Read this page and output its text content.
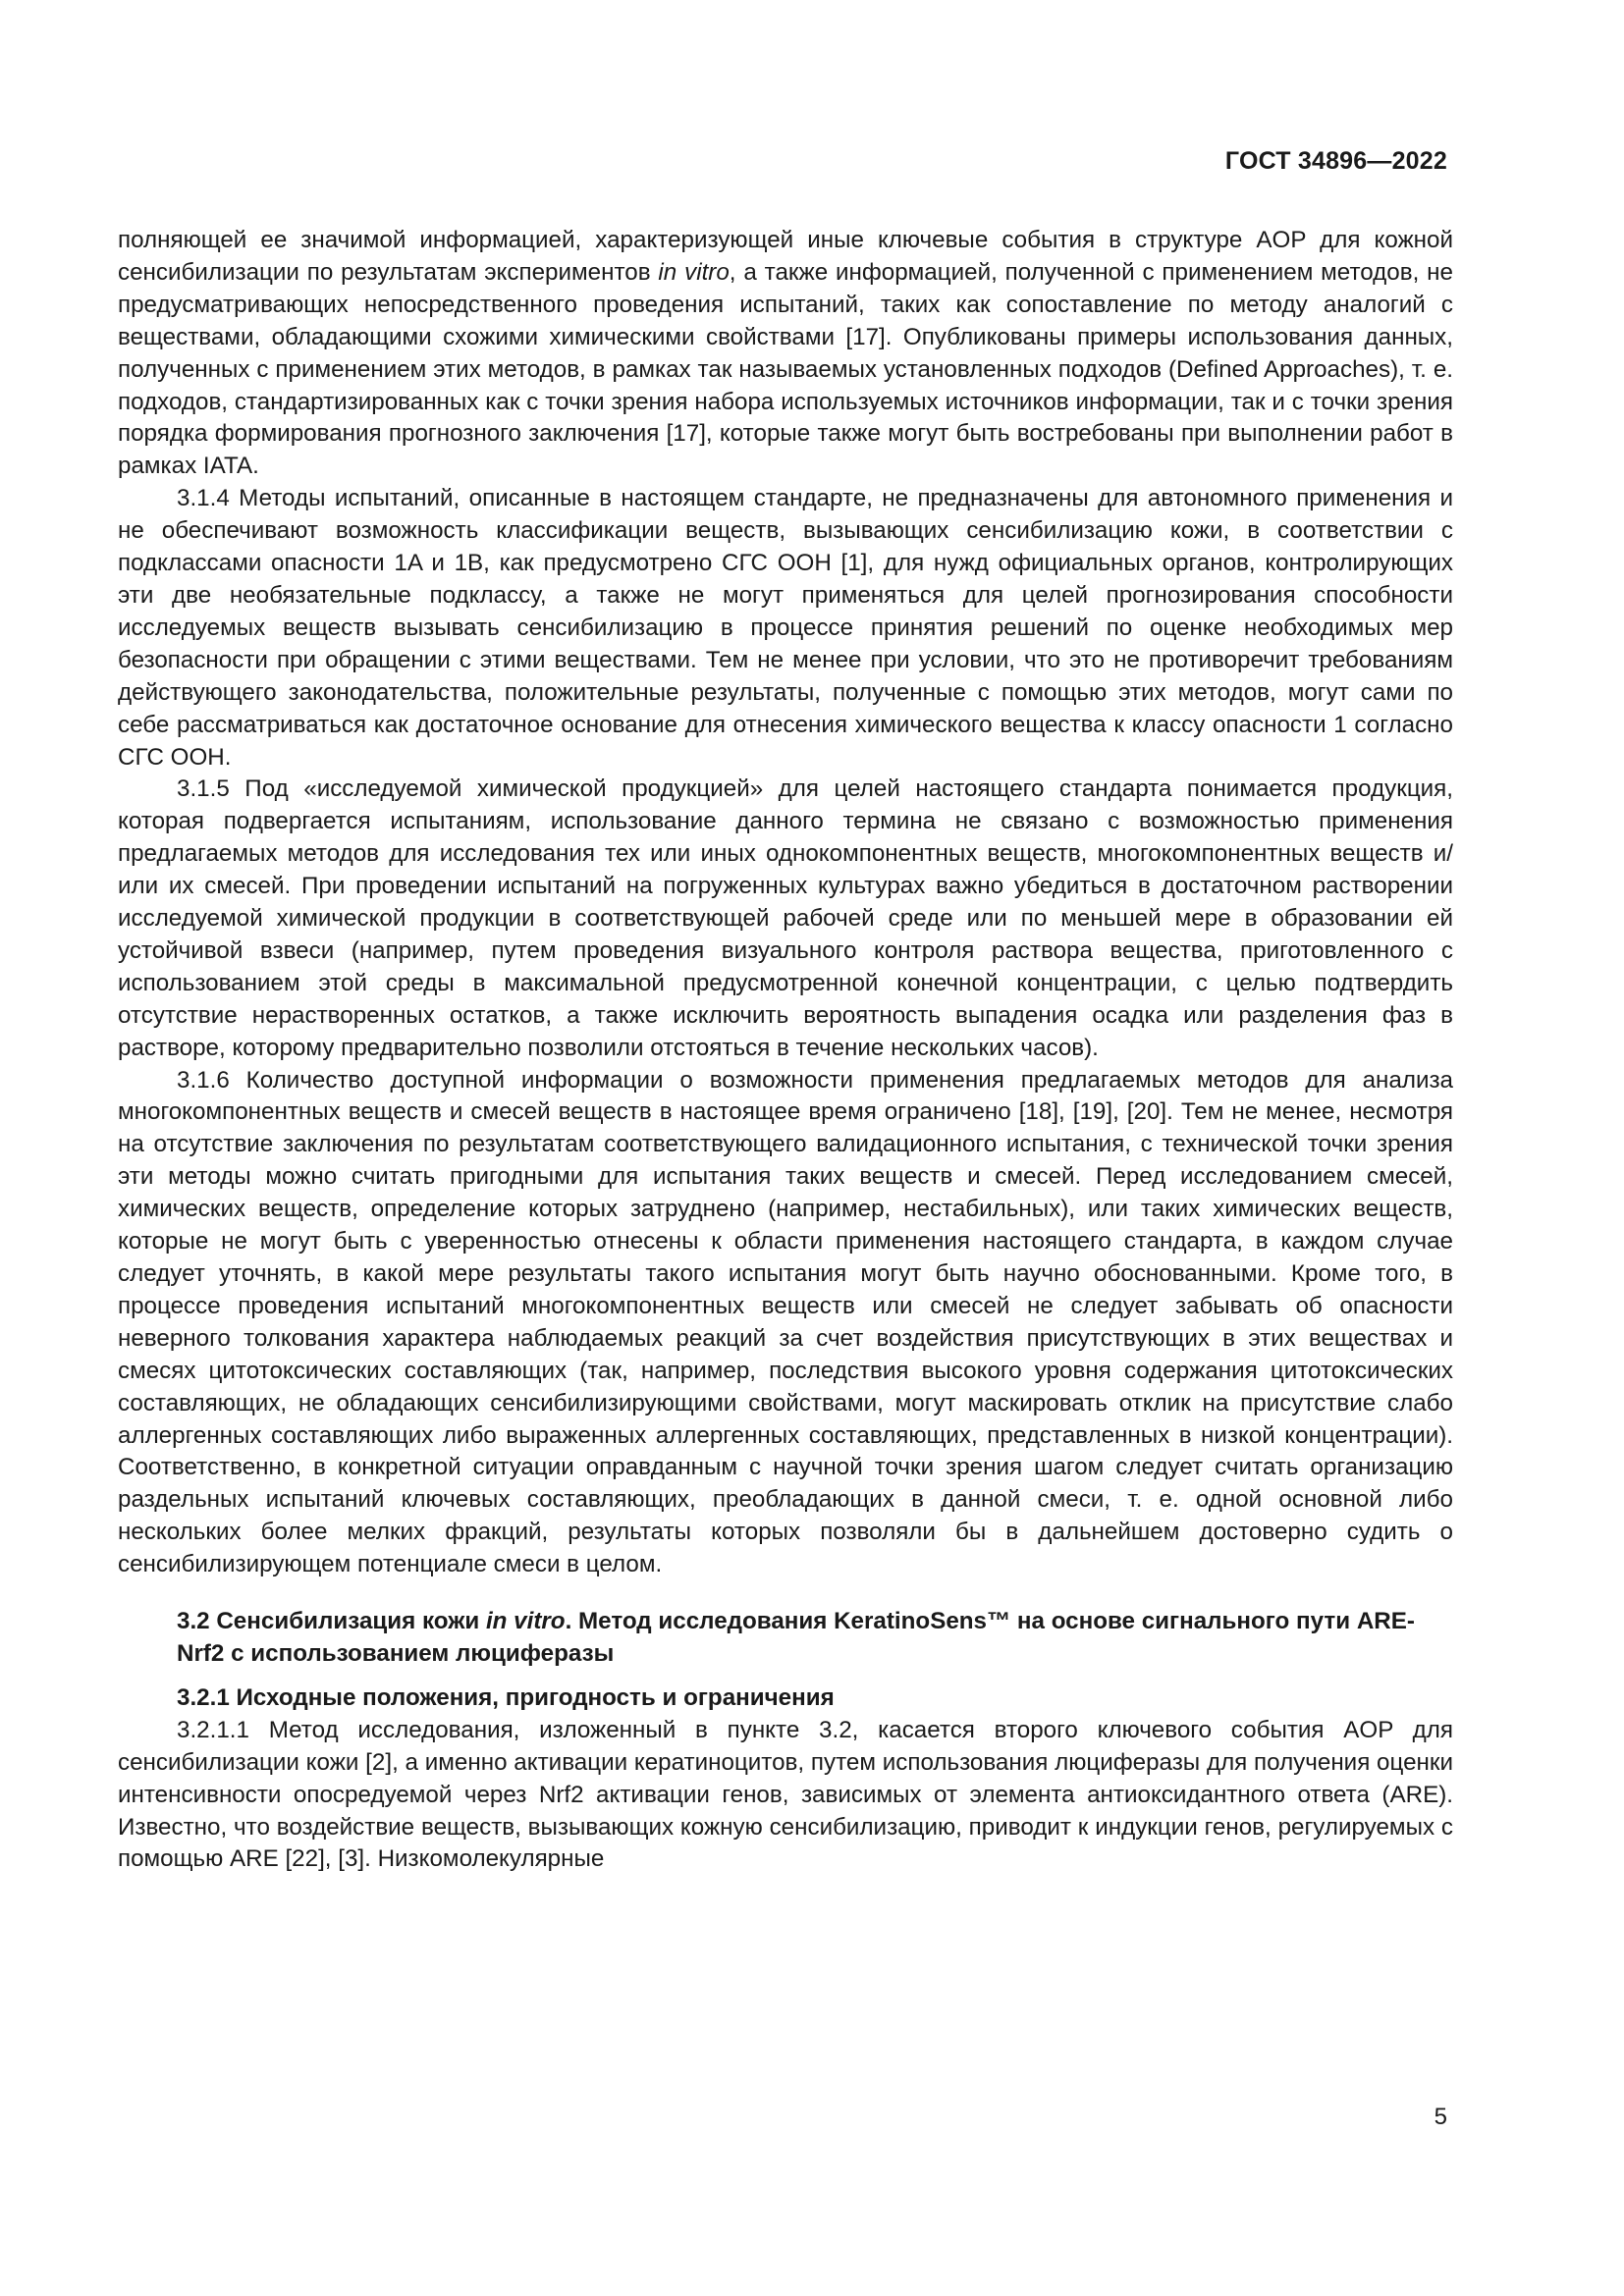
ГОСТ 34896—2022

полняющей ее значимой информацией, характеризующей иные ключевые события в структуре AOP для кожной сенсибилизации по результатам экспериментов in vitro, а также информацией, полученной с применением методов, не предусматривающих непосредственного проведения испытаний, таких как сопоставление по методу аналогий с веществами, обладающими схожими химическими свойствами [17]. Опубликованы примеры использования данных, полученных с применением этих методов, в рамках так называемых установленных подходов (Defined Approaches), т. е. подходов, стандартизированных как с точки зрения набора используемых источников информации, так и с точки зрения порядка формирования прогнозного заключения [17], которые также могут быть востребованы при выполнении работ в рамках IATA.

3.1.4 Методы испытаний, описанные в настоящем стандарте, не предназначены для автономного применения и не обеспечивают возможность классификации веществ, вызывающих сенсибилизацию кожи, в соответствии с подклассами опасности 1A и 1B, как предусмотрено СГС ООН [1], для нужд официальных органов, контролирующих эти две необязательные подклассу, а также не могут применяться для целей прогнозирования способности исследуемых веществ вызывать сенсибилизацию в процессе принятия решений по оценке необходимых мер безопасности при обращении с этими веществами. Тем не менее при условии, что это не противоречит требованиям действующего законодательства, положительные результаты, полученные с помощью этих методов, могут сами по себе рассматриваться как достаточное основание для отнесения химического вещества к классу опасности 1 согласно СГС ООН.

3.1.5 Под «исследуемой химической продукцией» для целей настоящего стандарта понимается продукция, которая подвергается испытаниям, использование данного термина не связано с возможностью применения предлагаемых методов для исследования тех или иных однокомпонентных веществ, многокомпонентных веществ и/или их смесей. При проведении испытаний на погруженных культурах важно убедиться в достаточном растворении исследуемой химической продукции в соответствующей рабочей среде или по меньшей мере в образовании ей устойчивой взвеси (например, путем проведения визуального контроля раствора вещества, приготовленного с использованием этой среды в максимальной предусмотренной конечной концентрации, с целью подтвердить отсутствие нерастворенных остатков, а также исключить вероятность выпадения осадка или разделения фаз в растворе, которому предварительно позволили отстояться в течение нескольких часов).

3.1.6 Количество доступной информации о возможности применения предлагаемых методов для анализа многокомпонентных веществ и смесей веществ в настоящее время ограничено [18], [19], [20]. Тем не менее, несмотря на отсутствие заключения по результатам соответствующего валидационного испытания, с технической точки зрения эти методы можно считать пригодными для испытания таких веществ и смесей. Перед исследованием смесей, химических веществ, определение которых затруднено (например, нестабильных), или таких химических веществ, которые не могут быть с уверенностью отнесены к области применения настоящего стандарта, в каждом случае следует уточнять, в какой мере результаты такого испытания могут быть научно обоснованными. Кроме того, в процессе проведения испытаний многокомпонентных веществ или смесей не следует забывать об опасности неверного толкования характера наблюдаемых реакций за счет воздействия присутствующих в этих веществах и смесях цитотоксических составляющих (так, например, последствия высокого уровня содержания цитотоксических составляющих, не обладающих сенсибилизирующими свойствами, могут маскировать отклик на присутствие слабо аллергенных составляющих либо выраженных аллергенных составляющих, представленных в низкой концентрации). Соответственно, в конкретной ситуации оправданным с научной точки зрения шагом следует считать организацию раздельных испытаний ключевых составляющих, преобладающих в данной смеси, т. е. одной основной либо нескольких более мелких фракций, результаты которых позволяли бы в дальнейшем достоверно судить о сенсибилизирующем потенциале смеси в целом.

3.2 Сенсибилизация кожи in vitro. Метод исследования KeratinoSens™ на основе сигнального пути ARE-Nrf2 с использованием люциферазы
3.2.1 Исходные положения, пригодность и ограничения

3.2.1.1 Метод исследования, изложенный в пункте 3.2, касается второго ключевого события AOP для сенсибилизации кожи [2], а именно активации кератиноцитов, путем использования люциферазы для получения оценки интенсивности опосредуемой через Nrf2 активации генов, зависимых от элемента антиоксидантного ответа (ARE). Известно, что воздействие веществ, вызывающих кожную сенсибилизацию, приводит к индукции генов, регулируемых с помощью ARE [22], [3]. Низкомолекулярные

5
